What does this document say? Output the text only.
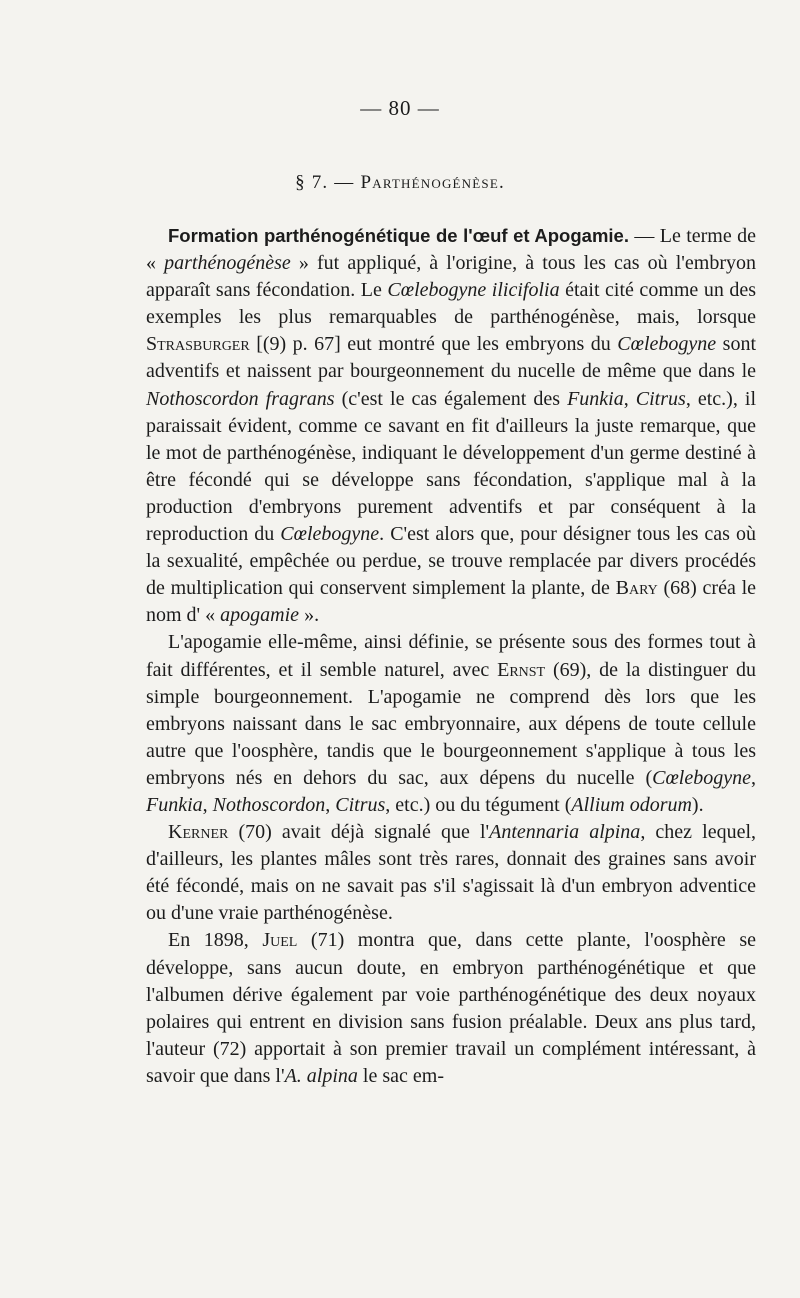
— 80 —
§ 7. — Parthénogénèse.

Formation parthénogénétique de l'œuf et Apogamie. — Le terme de « parthénogénèse » fut appliqué, à l'origine, à tous les cas où l'embryon apparaît sans fécondation. Le Cœlebogyne ilicifolia était cité comme un des exemples les plus remarquables de parthénogénèse, mais, lorsque Strasburger [(9) p. 67] eut montré que les embryons du Cœlebogyne sont adventifs et naissent par bourgeonnement du nucelle de même que dans le Nothoscordon fragrans (c'est le cas également des Funkia, Citrus, etc.), il paraissait évident, comme ce savant en fit d'ailleurs la juste remarque, que le mot de parthénogénèse, indiquant le développement d'un germe destiné à être fécondé qui se développe sans fécondation, s'applique mal à la production d'embryons purement adventifs et par conséquent à la reproduction du Cœlebogyne. C'est alors que, pour désigner tous les cas où la sexualité, empêchée ou perdue, se trouve remplacée par divers procédés de multiplication qui conservent simplement la plante, de Bary (68) créa le nom d' « apogamie ».

L'apogamie elle-même, ainsi définie, se présente sous des formes tout à fait différentes, et il semble naturel, avec Ernst (69), de la distinguer du simple bourgeonnement. L'apogamie ne comprend dès lors que les embryons naissant dans le sac embryonnaire, aux dépens de toute cellule autre que l'oosphère, tandis que le bourgeonnement s'applique à tous les embryons nés en dehors du sac, aux dépens du nucelle (Cœlebogyne, Funkia, Nothoscordon, Citrus, etc.) ou du tégument (Allium odorum).

Kerner (70) avait déjà signalé que l'Antennaria alpina, chez lequel, d'ailleurs, les plantes mâles sont très rares, donnait des graines sans avoir été fécondé, mais on ne savait pas s'il s'agissait là d'un embryon adventice ou d'une vraie parthénogénèse.

En 1898, Juel (71) montra que, dans cette plante, l'oosphère se développe, sans aucun doute, en embryon parthénogénétique et que l'albumen dérive également par voie parthénogénétique des deux noyaux polaires qui entrent en division sans fusion préalable. Deux ans plus tard, l'auteur (72) apportait à son premier travail un complément intéressant, à savoir que dans l'A. alpina le sac em-
